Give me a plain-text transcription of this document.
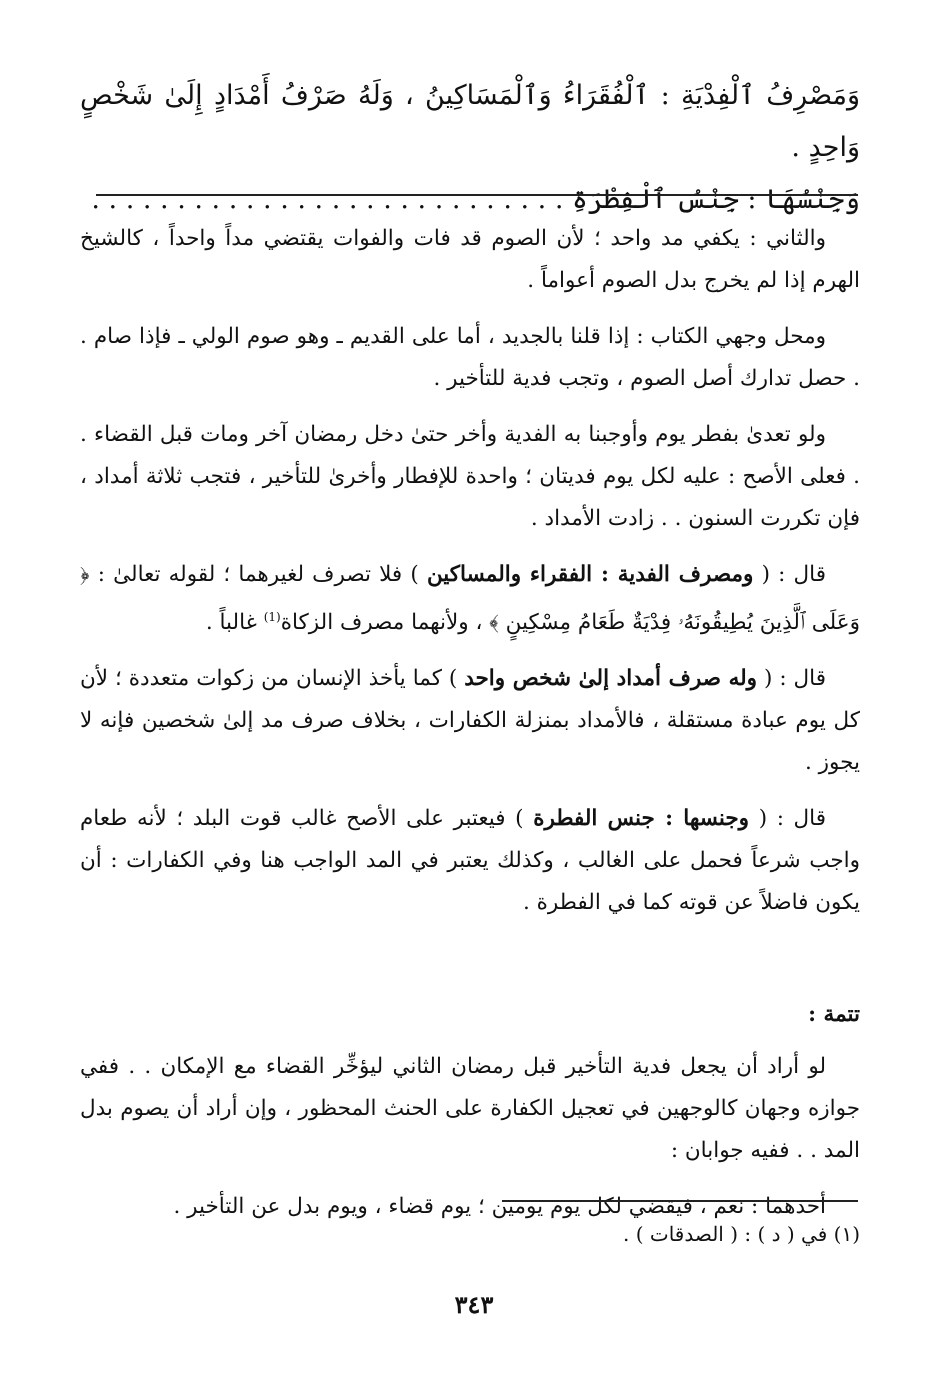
وَمَصْرِفُ ٱلْفِدْيَةِ : ٱلْفُقَرَاءُ وَٱلْمَسَاكِينُ ، وَلَهُ صَرْفُ أَمْدَادٍ إِلَىٰ شَخْصٍ وَاحِدٍ .

وَجِنْسُهَا : جِنْسُ ٱلْفِطْرَةِ . . . . . . . . . . . . . . . . . . . . . . . . . . . .

والثاني : يكفي مد واحد ؛ لأن الصوم قد فات والفوات يقتضي مداً واحداً ، كالشيخ الهرم إذا لم يخرج بدل الصوم أعواماً .

ومحل وجهي الكتاب : إذا قلنا بالجديد ، أما على القديم ـ وهو صوم الولي ـ فإذا صام . . حصل تدارك أصل الصوم ، وتجب فدية للتأخير .

ولو تعدىٰ بفطر يوم وأوجبنا به الفدية وأخر حتىٰ دخل رمضان آخر ومات قبل القضاء . . فعلى الأصح : عليه لكل يوم فديتان ؛ واحدة للإفطار وأخرىٰ للتأخير ، فتجب ثلاثة أمداد ، فإن تكررت السنون . . زادت الأمداد .

قال : ( ومصرف الفدية : الفقراء والمساكين ) فلا تصرف لغيرهما ؛ لقوله تعالىٰ : ﴿ وَعَلَى ٱلَّذِينَ يُطِيقُونَهُۥ فِدْيَةٌ طَعَامُ مِسْكِينٍ ﴾ ، ولأنهما مصرف الزكاة$^{(1)}$ غالباً .

قال : ( وله صرف أمداد إلىٰ شخص واحد ) كما يأخذ الإنسان من زكوات متعددة ؛ لأن كل يوم عبادة مستقلة ، فالأمداد بمنزلة الكفارات ، بخلاف صرف مد إلىٰ شخصين فإنه لا يجوز .

قال : ( وجنسها : جنس الفطرة ) فيعتبر على الأصح غالب قوت البلد ؛ لأنه طعام واجب شرعاً فحمل على الغالب ، وكذلك يعتبر في المد الواجب هنا وفي الكفارات : أن يكون فاضلاً عن قوته كما في الفطرة .

تتمة :

لو أراد أن يجعل فدية التأخير قبل رمضان الثاني ليؤخِّر القضاء مع الإمكان . . ففي جوازه وجهان كالوجهين في تعجيل الكفارة على الحنث المحظور ، وإن أراد أن يصوم بدل المد . . ففيه جوابان :

أحدهما : نعم ، فيقضي لكل يوم يومين ؛ يوم قضاء ، ويوم بدل عن التأخير .

(١) في ( د ) : ( الصدقات ) .
٣٤٣
